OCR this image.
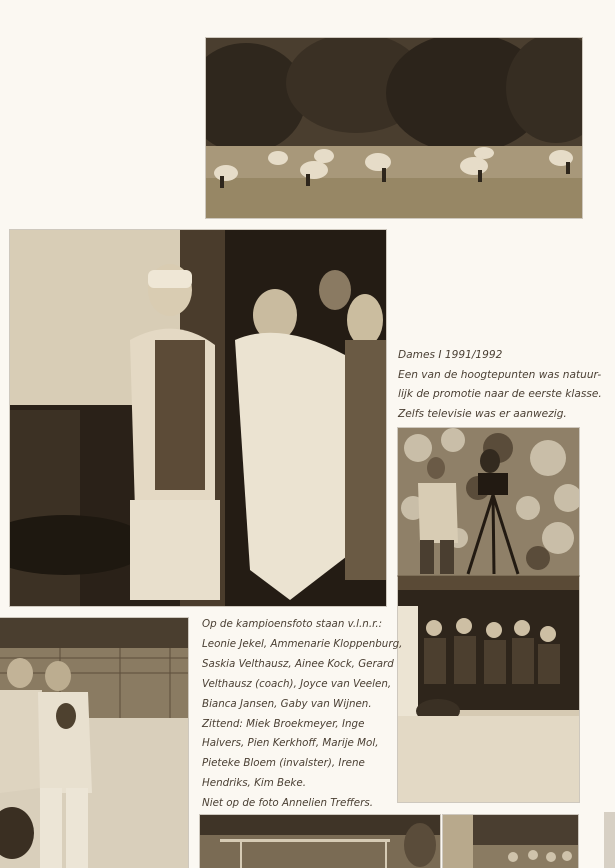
Dames I 1991/1992
Een van de hoogtepunten was natuur-
lijk de promotie naar de eerste klasse.
Zelfs televisie was er aanwezig.
Op de kampioensfoto staan v.l.n.r.:
Leonie Jekel, Ammenarie Kloppenburg,
Saskia Velthausz, Ainee Kock, Gerard
Velthausz (coach), Joyce van Veelen,
Bianca Jansen, Gaby van Wijnen.
Zittend: Miek Broekmeyer, Inge
Halvers, Pien Kerkhoff, Marije Mol,
Pieteke Bloem (invalster), Irene
Hendriks, Kim Beke.
Niet op de foto Annelien Treffers.
